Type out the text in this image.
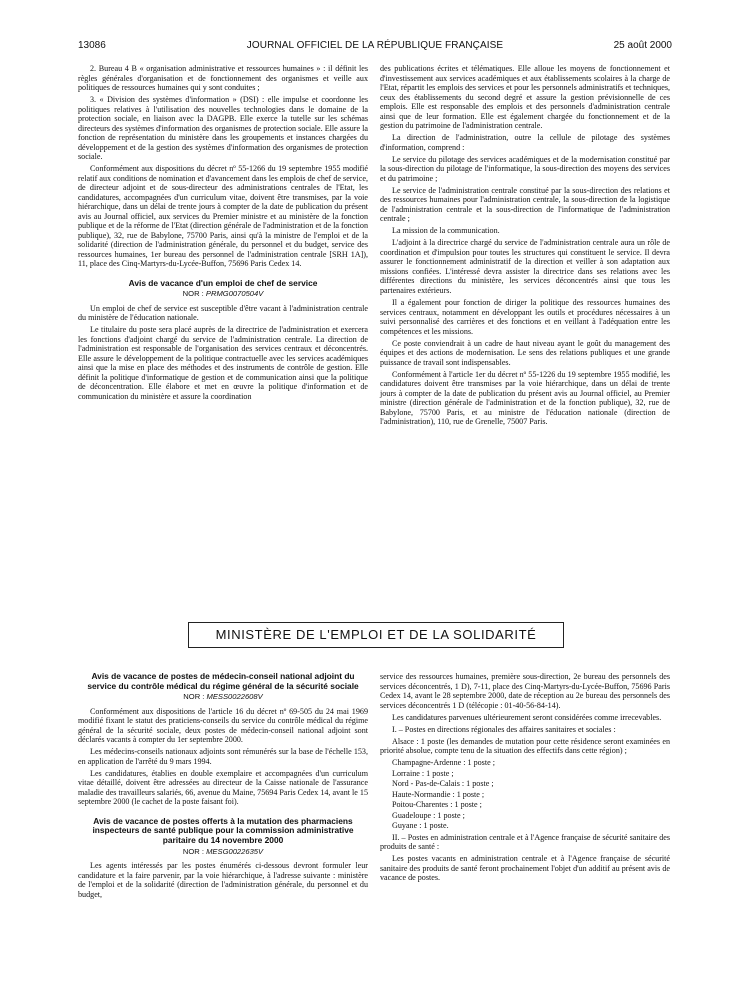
13086	JOURNAL OFFICIEL DE LA RÉPUBLIQUE FRANÇAISE	25 août 2000

2. Bureau 4 B « organisation administrative et ressources humaines » : il définit les règles générales d'organisation et de fonctionnement des organismes et veille aux politiques de ressources humaines qui y sont conduites ;

3. « Division des systèmes d'information » (DSI) : elle impulse et coordonne les politiques relatives à l'utilisation des nouvelles technologies dans le domaine de la protection sociale, en liaison avec la DAGPB. Elle exerce la tutelle sur les schémas directeurs des systèmes d'information des organismes de protection sociale. Elle assure la fonction de représentation du ministère dans les groupements et instances chargées du développement et de la gestion des systèmes d'information des organismes de protection sociale.

Conformément aux dispositions du décret nº 55-1266 du 19 septembre 1955 modifié relatif aux conditions de nomination et d'avancement dans les emplois de chef de service, de directeur adjoint et de sous-directeur des administrations centrales de l'Etat, les candidatures, accompagnées d'un curriculum vitae, doivent être transmises, par la voie hiérarchique, dans un délai de trente jours à compter de la date de publication du présent avis au Journal officiel, aux services du Premier ministre et au ministère de la fonction publique et de la réforme de l'Etat (direction générale de l'administration et de la fonction publique), 32, rue de Babylone, 75700 Paris, ainsi qu'à la ministre de l'emploi et de la solidarité (direction de l'administration générale, du personnel et du budget, service des ressources humaines, 1er bureau des personnel de l'administration centrale [SRH 1A]), 11, place des Cinq-Martyrs-du-Lycée-Buffon, 75696 Paris Cedex 14.

Avis de vacance d'un emploi de chef de service
NOR : PRMG0070504V

Un emploi de chef de service est susceptible d'être vacant à l'administration centrale du ministère de l'éducation nationale.

Le titulaire du poste sera placé auprès de la directrice de l'administration et exercera les fonctions d'adjoint chargé du service de l'administration centrale. La direction de l'administration est responsable de l'organisation des services centraux et déconcentrés. Elle assure le développement de la politique contractuelle avec les services académiques ainsi que la mise en place des méthodes et des instruments de contrôle de gestion. Elle définit la politique d'informatique de gestion et de communication ainsi que la politique de déconcentration. Elle élabore et met en œuvre la politique d'information et de communication du ministère et assure la coordination

des publications écrites et télématiques. Elle alloue les moyens de fonctionnement et d'investissement aux services académiques et aux établissements scolaires à la charge de l'Etat, répartit les emplois des services et pour les personnels administratifs et techniques, ceux des établissements du second degré et assure la gestion prévisionnelle de ces emplois. Elle est responsable des emplois et des personnels d'administration centrale ainsi que de leur formation. Elle est également chargée du fonctionnement et de la gestion du patrimoine de l'administration centrale.

La direction de l'administration, outre la cellule de pilotage des systèmes d'information, comprend :

Le service du pilotage des services académiques et de la modernisation constitué par la sous-direction du pilotage de l'informatique, la sous-direction des moyens des services et du patrimoine ;

Le service de l'administration centrale constitué par la sous-direction des relations et des ressources humaines pour l'administration centrale, la sous-direction de la logistique de l'administration centrale et la sous-direction de l'informatique de l'administration centrale ;

La mission de la communication.

L'adjoint à la directrice chargé du service de l'administration centrale aura un rôle de coordination et d'impulsion pour toutes les structures qui constituent le service. Il devra assurer le fonctionnement administratif de la direction et veiller à son adaptation aux missions confiées. L'intéressé devra assister la directrice dans ses relations avec les différentes directions du ministère, les services déconcentrés ainsi que tous les partenaires extérieurs.

Il a également pour fonction de diriger la politique des ressources humaines des services centraux, notamment en développant les outils et procédures nécessaires à un suivi personnalisé des carrières et des fonctions et en veillant à l'adéquation entre les compétences et les missions.

Ce poste conviendrait à un cadre de haut niveau ayant le goût du management des équipes et des actions de modernisation. Le sens des relations publiques et une grande puissance de travail sont indispensables.

Conformément à l'article 1er du décret nº 55-1226 du 19 septembre 1955 modifié, les candidatures doivent être transmises par la voie hiérarchique, dans un délai de trente jours à compter de la date de publication du présent avis au Journal officiel, au Premier ministre (direction générale de l'administration et de la fonction publique), 32, rue de Babylone, 75700 Paris, et au ministre de l'éducation nationale (direction de l'administration), 110, rue de Grenelle, 75007 Paris.

MINISTÈRE DE L'EMPLOI ET DE LA SOLIDARITÉ
Avis de vacance de postes de médecin-conseil national adjoint du service du contrôle médical du régime général de la sécurité sociale
NOR : MESS0022608V

Conformément aux dispositions de l'article 16 du décret nº 69-505 du 24 mai 1969 modifié fixant le statut des praticiens-conseils du service du contrôle médical du régime général de la sécurité sociale, deux postes de médecin-conseil national adjoint sont déclarés vacants à compter du 1er septembre 2000.

Les médecins-conseils nationaux adjoints sont rémunérés sur la base de l'échelle 153, en application de l'arrêté du 9 mars 1994.

Les candidatures, établies en double exemplaire et accompagnées d'un curriculum vitae détaillé, doivent être adressées au directeur de la Caisse nationale de l'assurance maladie des travailleurs salariés, 66, avenue du Maine, 75694 Paris Cedex 14, avant le 15 septembre 2000 (le cachet de la poste faisant foi).

Avis de vacance de postes offerts à la mutation des pharmaciens inspecteurs de santé publique pour la commission administrative paritaire du 14 novembre 2000
NOR : MESG0022635V

Les agents intéressés par les postes énumérés ci-dessous devront formuler leur candidature et la faire parvenir, par la voie hiérarchique, à l'adresse suivante : ministère de l'emploi et de la solidarité (direction de l'administration générale, du personnel et du budget,

service des ressources humaines, première sous-direction, 2e bureau des personnels des services déconcentrés, 1 D), 7-11, place des Cinq-Martyrs-du-Lycée-Buffon, 75696 Paris Cedex 14, avant le 28 septembre 2000, date de réception au 2e bureau des personnels des services déconcentrés 1 D (télécopie : 01-40-56-84-14).

Les candidatures parvenues ultérieurement seront considérées comme irrecevables.

I. – Postes en directions régionales des affaires sanitaires et sociales :

Alsace : 1 poste (les demandes de mutation pour cette résidence seront examinées en priorité absolue, compte tenu de la situation des effectifs dans cette région) ;

Champagne-Ardenne : 1 poste ;
Lorraine : 1 poste ;
Nord - Pas-de-Calais : 1 poste ;
Haute-Normandie : 1 poste ;
Poitou-Charentes : 1 poste ;
Guadeloupe : 1 poste ;
Guyane : 1 poste.

II. – Postes en administration centrale et à l'Agence française de sécurité sanitaire des produits de santé :

Les postes vacants en administration centrale et à l'Agence française de sécurité sanitaire des produits de santé feront prochainement l'objet d'un additif au présent avis de vacance de postes.
